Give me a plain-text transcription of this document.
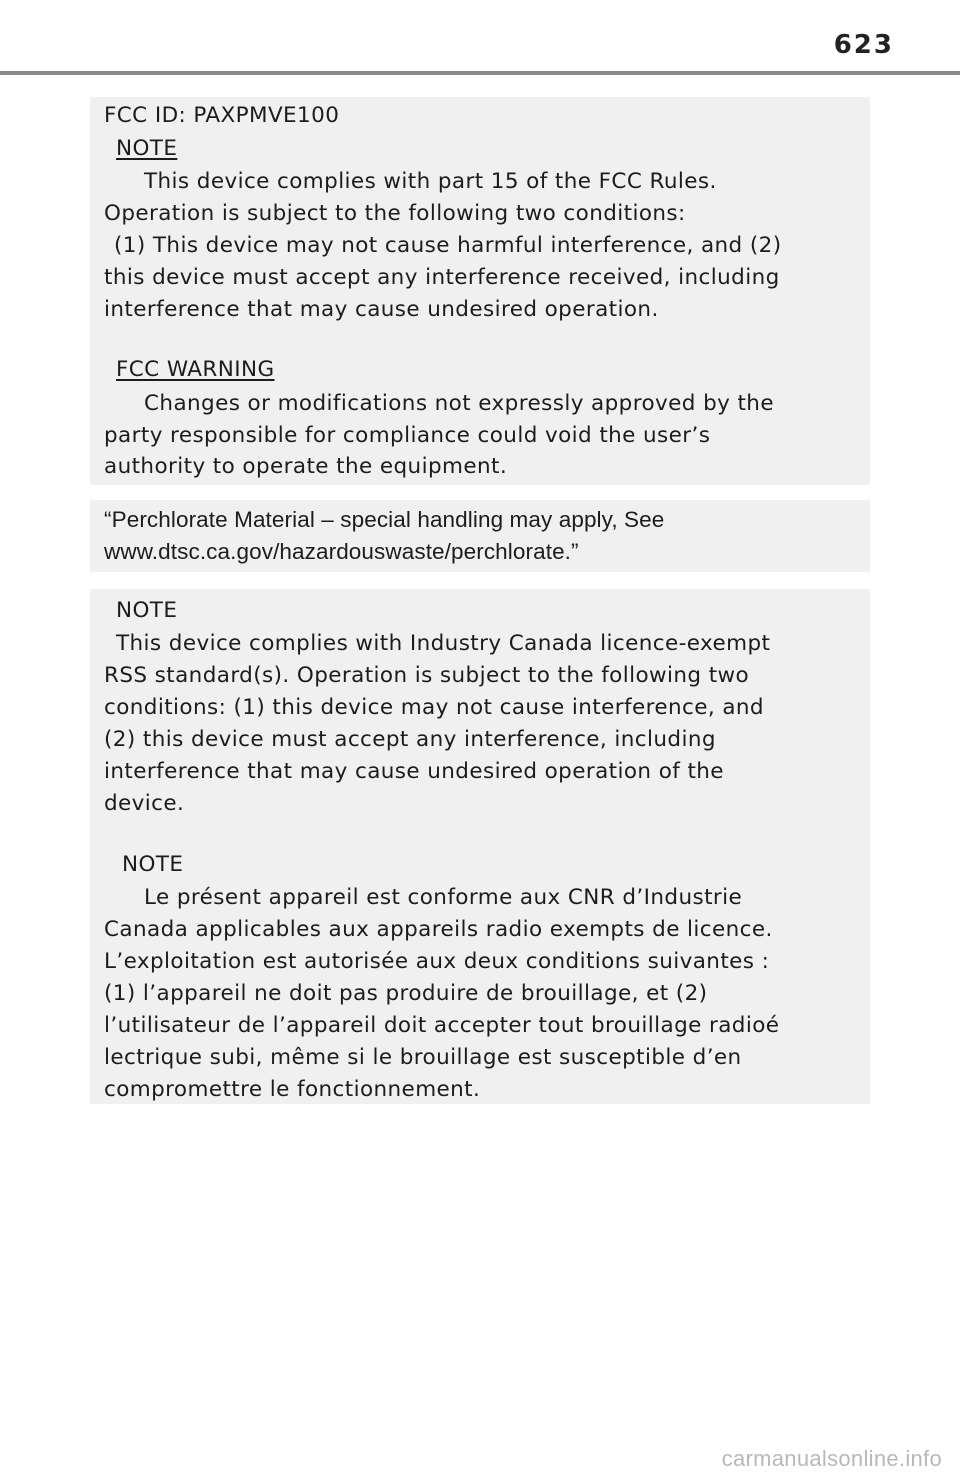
623
FCC ID: PAXPMVE100
NOTE
This device complies with part 15 of the FCC Rules.
Operation is subject to the following two conditions:
(1) This device may not cause harmful interference, and (2)
this device must accept any interference received, including
interference that may cause undesired operation.
FCC WARNING
Changes or modifications not expressly approved by the
party responsible for compliance could void the user’s
authority to operate the equipment.
“Perchlorate Material – special handling may apply, See
www.dtsc.ca.gov/hazardouswaste/perchlorate.”
NOTE
This device complies with Industry Canada licence-exempt
RSS standard(s). Operation is subject to the following two
conditions: (1) this device may not cause interference, and
(2) this device must accept any interference, including
interference that may cause undesired operation of the
device.
NOTE
Le présent appareil est conforme aux CNR d’Industrie
Canada applicables aux appareils radio exempts de licence.
L’exploitation est autorisée aux deux conditions suivantes :
(1) l’appareil ne doit pas produire de brouillage, et (2)
l’utilisateur de l’appareil doit accepter tout brouillage radioé
lectrique subi, même si le brouillage est susceptible d’en
compromettre le fonctionnement.
carmanualsonline.info
